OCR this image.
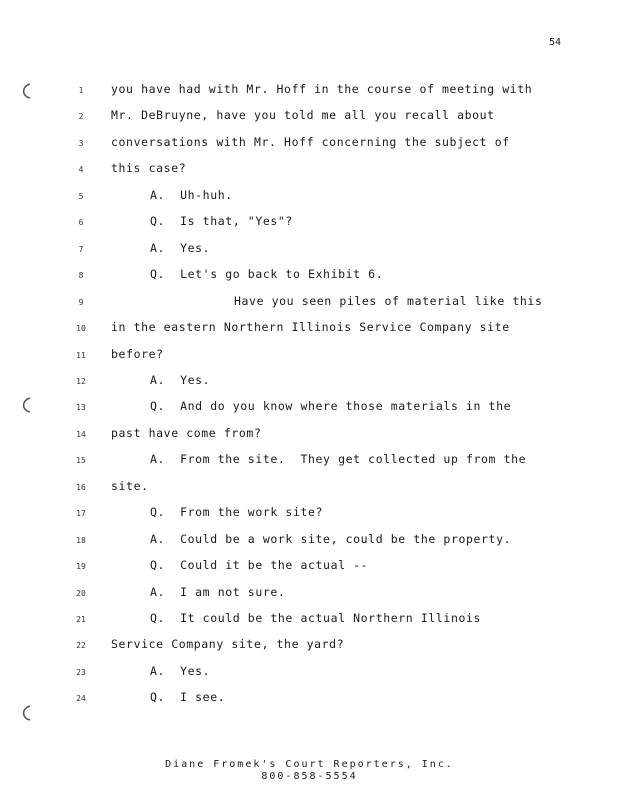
54
1	you have had with Mr. Hoff in the course of meeting with
2	Mr. DeBruyne, have you told me all you recall about
3	conversations with Mr. Hoff concerning the subject of
4	this case?
5	A.  Uh-huh.
6	Q.  Is that, "Yes"?
7	A.  Yes.
8	Q.  Let's go back to Exhibit 6.
9	Have you seen piles of material like this
10	in the eastern Northern Illinois Service Company site
11	before?
12	A.  Yes.
13	Q.  And do you know where those materials in the
14	past have come from?
15	A.  From the site.  They get collected up from the
16	site.
17	Q.  From the work site?
18	A.  Could be a work site, could be the property.
19	Q.  Could it be the actual --
20	A.  I am not sure.
21	Q.  It could be the actual Northern Illinois
22	Service Company site, the yard?
23	A.  Yes.
24	Q.  I see.
Diane Fromek's Court Reporters, Inc.
800-858-5554
